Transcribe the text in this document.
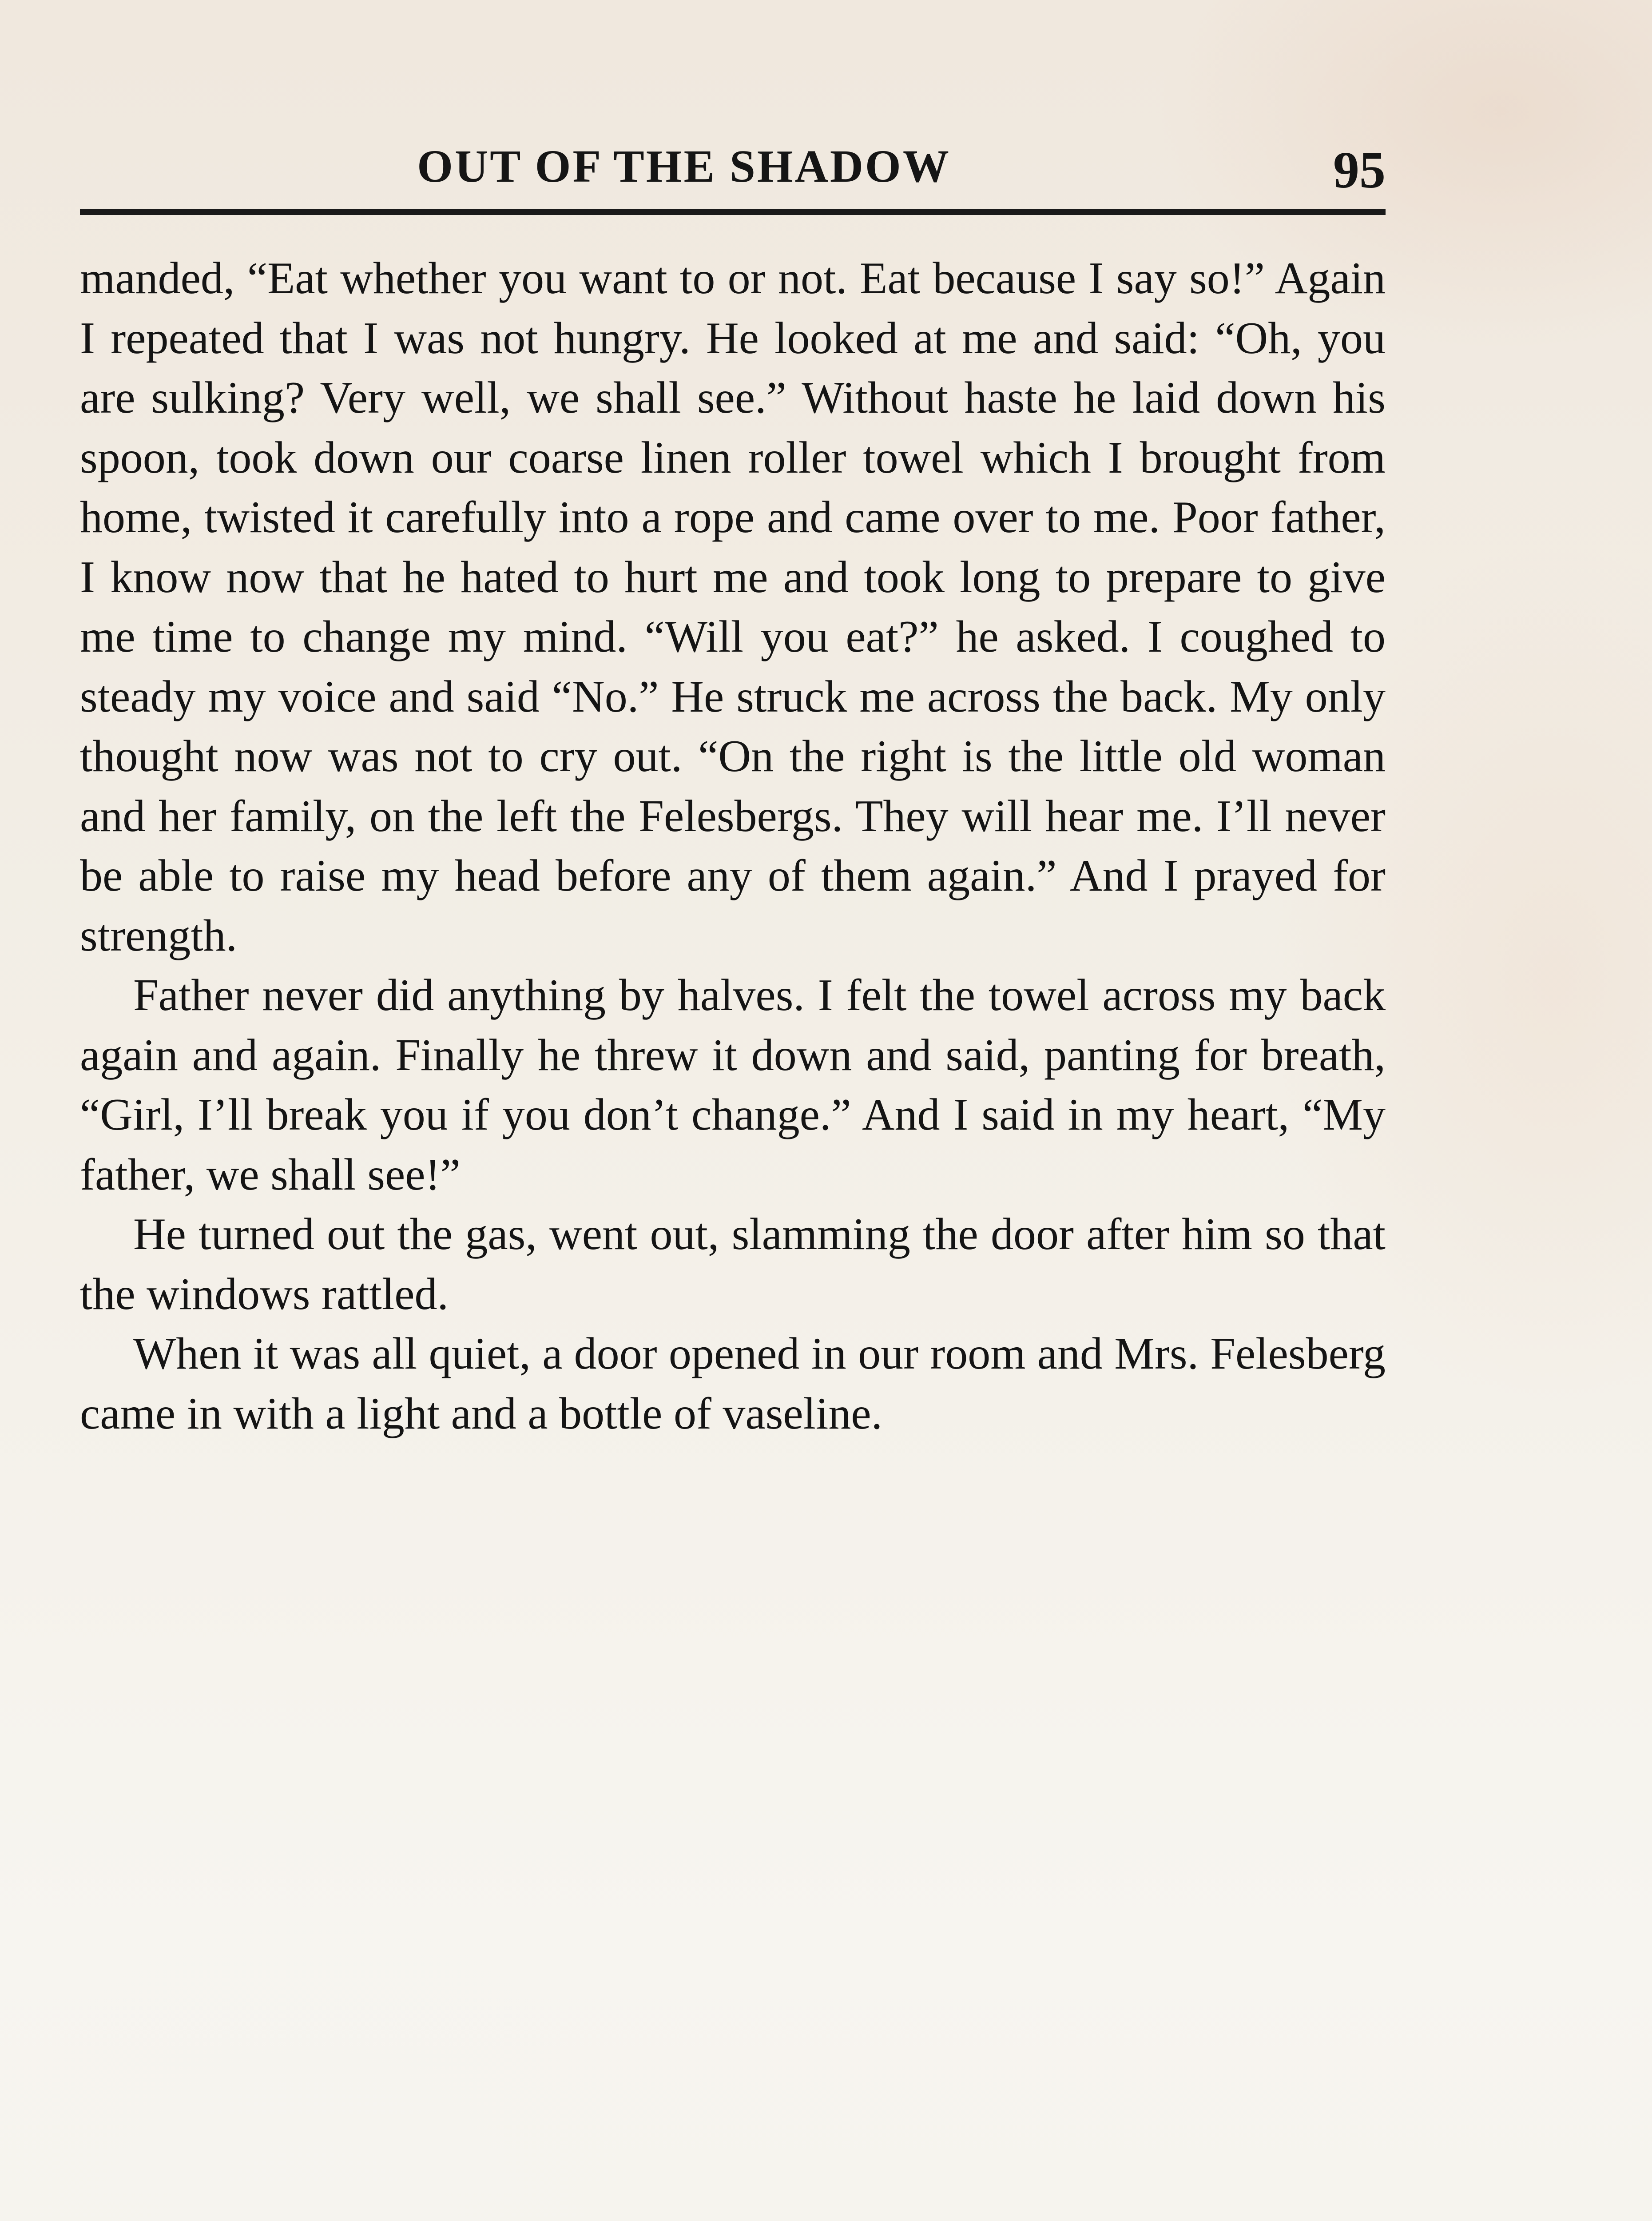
OUT OF THE SHADOW	95

manded, “Eat whether you want to or not. Eat because I say so!” Again I repeated that I was not hungry. He looked at me and said: “Oh, you are sulking? Very well, we shall see.” Without haste he laid down his spoon, took down our coarse linen roller towel which I brought from home, twisted it carefully into a rope and came over to me. Poor father, I know now that he hated to hurt me and took long to prepare to give me time to change my mind. “Will you eat?” he asked. I coughed to steady my voice and said “No.” He struck me across the back. My only thought now was not to cry out. “On the right is the little old woman and her family, on the left the Felesbergs. They will hear me. I’ll never be able to raise my head before any of them again.” And I prayed for strength.

Father never did anything by halves. I felt the towel across my back again and again. Finally he threw it down and said, panting for breath, “Girl, I’ll break you if you don’t change.” And I said in my heart, “My father, we shall see!”

He turned out the gas, went out, slamming the door after him so that the windows rattled.

When it was all quiet, a door opened in our room and Mrs. Felesberg came in with a light and a bottle of vaseline.
